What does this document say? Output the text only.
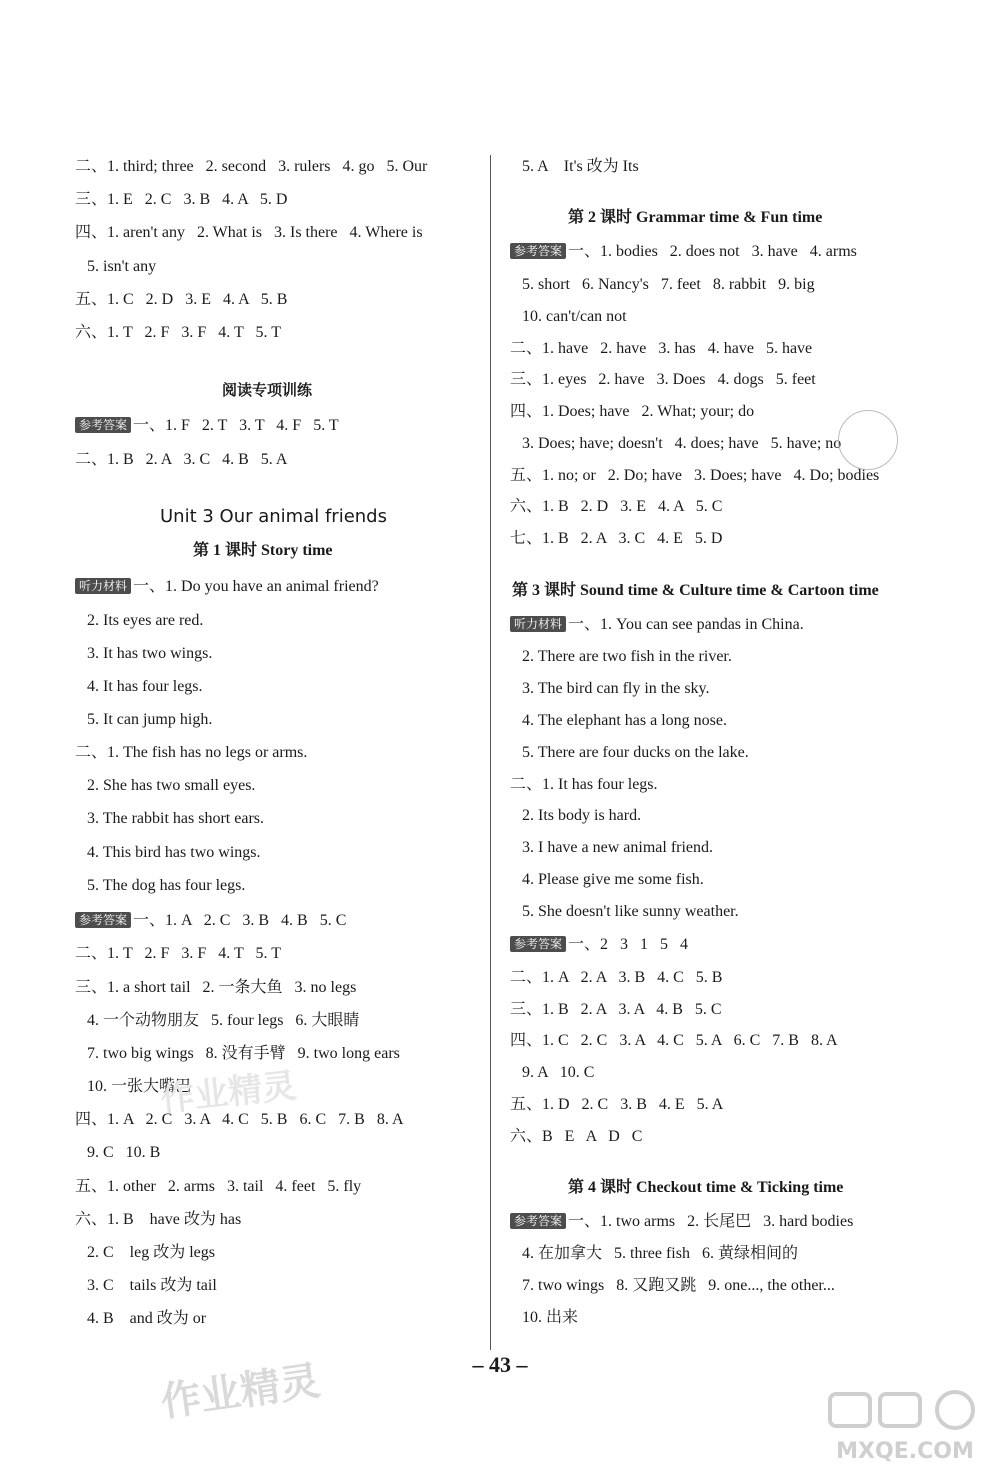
二、1. third; three   2. second   3. rulers   4. go   5. Our
三、1. E   2. C   3. B   4. A   5. D
四、1. aren't any   2. What is   3. Is there   4. Where is
5. isn't any
五、1. C   2. D   3. E   4. A   5. B
六、1. T   2. F   3. F   4. T   5. T
阅读专项训练
参考答案 一、1. F   2. T   3. T   4. F   5. T
二、1. B   2. A   3. C   4. B   5. A
Unit 3 Our animal friends
第 1 课时 Story time
听力材料 一、1. Do you have an animal friend?
2. Its eyes are red.
3. It has two wings.
4. It has four legs.
5. It can jump high.
二、1. The fish has no legs or arms.
2. She has two small eyes.
3. The rabbit has short ears.
4. This bird has two wings.
5. The dog has four legs.
参考答案 一、1. A   2. C   3. B   4. B   5. C
二、1. T   2. F   3. F   4. T   5. T
三、1. a short tail   2. 一条大鱼   3. no legs
4. 一个动物朋友   5. four legs   6. 大眼睛
7. two big wings   8. 没有手臂   9. two long ears
10. 一张大嘴巴
四、1. A   2. C   3. A   4. C   5. B   6. C   7. B   8. A
9. C   10. B
五、1. other   2. arms   3. tail   4. feet   5. fly
六、1. B    have 改为 has
2. C    leg 改为 legs
3. C    tails 改为 tail
4. B    and 改为 or
5. A    It's 改为 Its
第 2 课时 Grammar time & Fun time
参考答案 一、1. bodies   2. does not   3. have   4. arms
5. short   6. Nancy's   7. feet   8. rabbit   9. big
10. can't/can not
二、1. have   2. have   3. has   4. have   5. have
三、1. eyes   2. have   3. Does   4. dogs   5. feet
四、1. Does; have   2. What; your; do
3. Does; have; doesn't   4. does; have   5. have; no
五、1. no; or   2. Do; have   3. Does; have   4. Do; bodies
六、1. B   2. D   3. E   4. A   5. C
七、1. B   2. A   3. C   4. E   5. D
第 3 课时 Sound time & Culture time & Cartoon time
听力材料 一、1. You can see pandas in China.
2. There are two fish in the river.
3. The bird can fly in the sky.
4. The elephant has a long nose.
5. There are four ducks on the lake.
二、1. It has four legs.
2. Its body is hard.
3. I have a new animal friend.
4. Please give me some fish.
5. She doesn't like sunny weather.
参考答案 一、2   3   1   5   4
二、1. A   2. A   3. B   4. C   5. B
三、1. B   2. A   3. A   4. B   5. C
四、1. C   2. C   3. A   4. C   5. A   6. C   7. B   8. A
9. A   10. C
五、1. D   2. C   3. B   4. E   5. A
六、B   E   A   D   C
第 4 课时 Checkout time & Ticking time
参考答案 一、1. two arms   2. 长尾巴   3. hard bodies
4. 在加拿大   5. three fish   6. 黄绿相间的
7. two wings   8. 又跑又跳   9. one..., the other...
10. 出来
– 43 –
作业精灵
作业精灵
MXQE.COM
